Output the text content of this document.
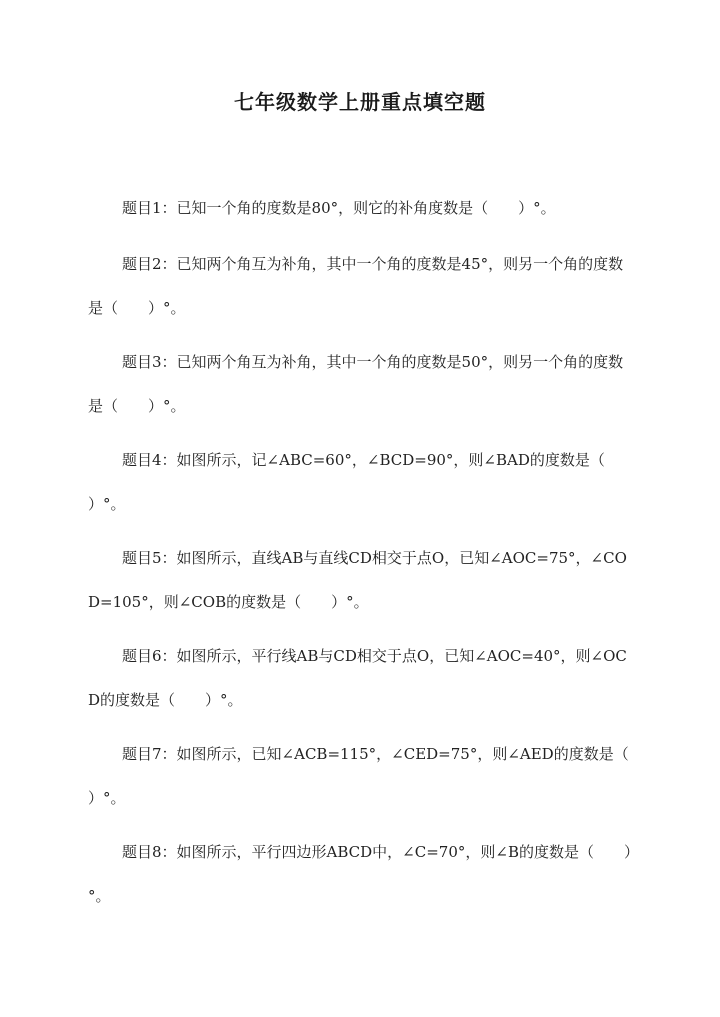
七年级数学上册重点填空题

题目1：已知一个角的度数是80°，则它的补角度数是（　　）°。

题目2：已知两个角互为补角，其中一个角的度数是45°，则另一个角的度数是（　　）°。

题目3：已知两个角互为补角，其中一个角的度数是50°，则另一个角的度数是（　　）°。

题目4：如图所示，记∠ABC=60°，∠BCD=90°，则∠BAD的度数是（　　）°。

题目5：如图所示，直线AB与直线CD相交于点O，已知∠AOC=75°，∠COD=105°，则∠COB的度数是（　　）°。

题目6：如图所示，平行线AB与CD相交于点O，已知∠AOC=40°，则∠OCD的度数是（　　）°。

题目7：如图所示，已知∠ACB=115°，∠CED=75°，则∠AED的度数是（　　）°。

题目8：如图所示，平行四边形ABCD中，∠C=70°，则∠B的度数是（　　）°。
